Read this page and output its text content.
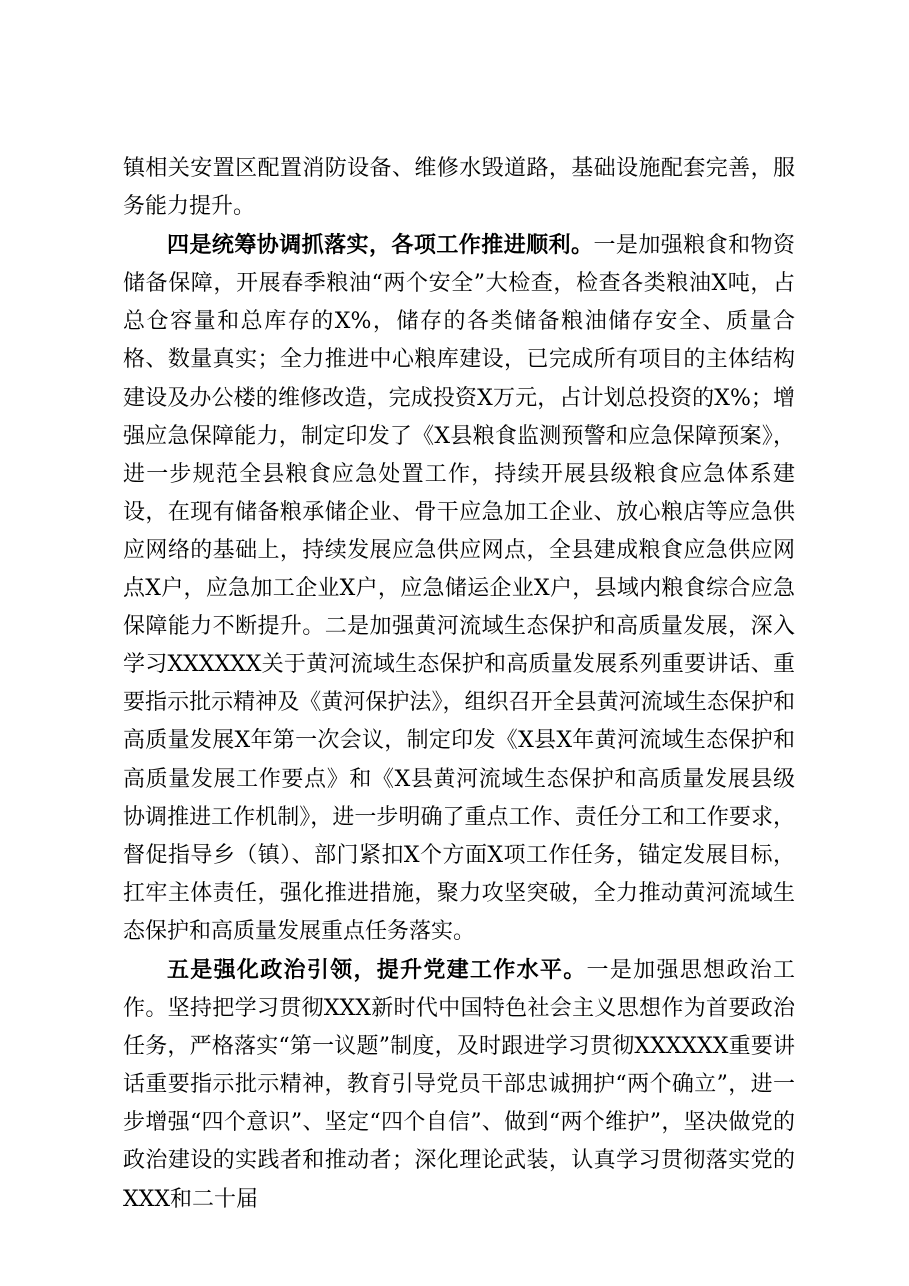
镇相关安置区配置消防设备、维修水毁道路，基础设施配套完善，服务能力提升。

四是统筹协调抓落实，各项工作推进顺利。一是加强粮食和物资储备保障，开展春季粮油“两个安全”大检查，检查各类粮油X吨，占总仓容量和总库存的X%，储存的各类储备粮油储存安全、质量合格、数量真实；全力推进中心粮库建设，已完成所有项目的主体结构建设及办公楼的维修改造，完成投资X万元，占计划总投资的X%；增强应急保障能力，制定印发了《X县粮食监测预警和应急保障预案》，进一步规范全县粮食应急处置工作，持续开展县级粮食应急体系建设，在现有储备粮承储企业、骨干应急加工企业、放心粮店等应急供应网络的基础上，持续发展应急供应网点，全县建成粮食应急供应网点X户，应急加工企业X户，应急储运企业X户，县域内粮食综合应急保障能力不断提升。二是加强黄河流域生态保护和高质量发展，深入学习XXXXXX关于黄河流域生态保护和高质量发展系列重要讲话、重要指示批示精神及《黄河保护法》，组织召开全县黄河流域生态保护和高质量发展X年第一次会议，制定印发《X县X年黄河流域生态保护和高质量发展工作要点》和《X县黄河流域生态保护和高质量发展县级协调推进工作机制》，进一步明确了重点工作、责任分工和工作要求，督促指导乡（镇）、部门紧扣X个方面X项工作任务，锚定发展目标，扛牢主体责任，强化推进措施，聚力攻坚突破，全力推动黄河流域生态保护和高质量发展重点任务落实。

五是强化政治引领，提升党建工作水平。一是加强思想政治工作。坚持把学习贯彻XXX新时代中国特色社会主义思想作为首要政治任务，严格落实“第一议题”制度，及时跟进学习贯彻XXXXXX重要讲话重要指示批示精神，教育引导党员干部忠诚拥护“两个确立”，进一步增强“四个意识”、坚定“四个自信”、做到“两个维护”，坚决做党的政治建设的实践者和推动者；深化理论武装，认真学习贯彻落实党的XXX和二十届
